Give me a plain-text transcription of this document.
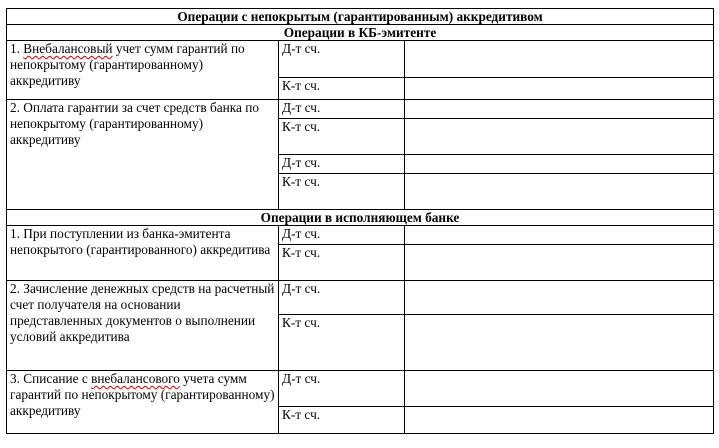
Операции с непокрытым (гарантированным) аккредитивом		
Операции в КБ-эмитенте		
1. Внебалансовый учет сумм гарантий по непокрытому (гарантированному) аккредитиву	Д-т сч.	
	К-т сч.	
2. Оплата гарантии за счет средств банка по непокрытому (гарантированному) аккредитиву	Д-т сч.	
	К-т сч.	
	Д-т сч.	
	К-т сч.	
Операции в исполняющем банке		
1. При поступлении из банка-эмитента непокрытого (гарантированного) аккредитива	Д-т сч.	
	К-т сч.	
2. Зачисление денежных средств на расчетный счет получателя на основании представленных документов о выполнении условий аккредитива	Д-т сч.	
	К-т сч.	
3. Списание с внебалансового учета сумм гарантий по непокрытому (гарантированному) аккредитиву	Д-т сч.	
	К-т сч.	
